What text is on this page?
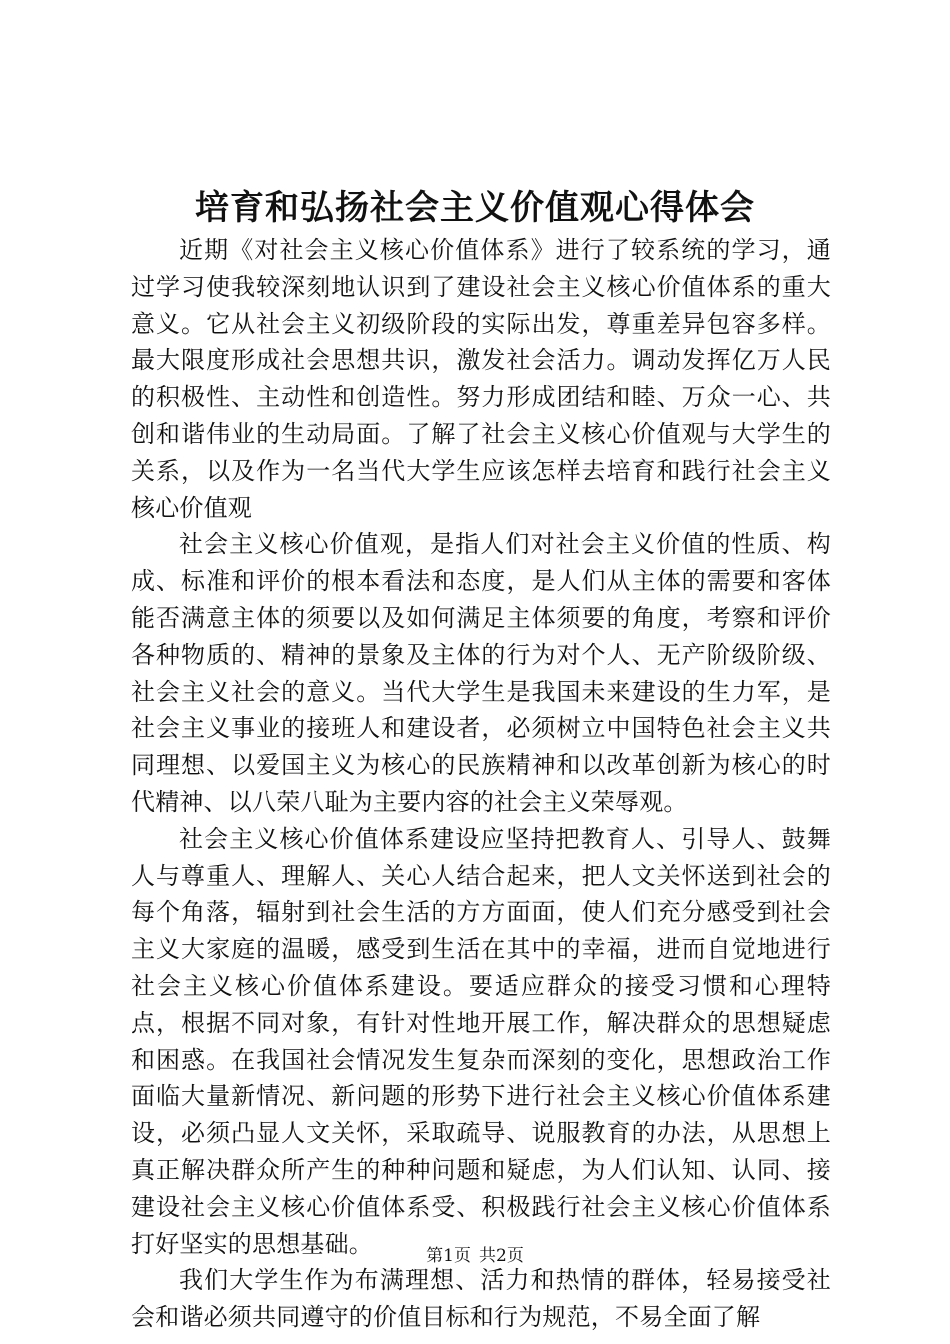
培育和弘扬社会主义价值观心得体会

近期《对社会主义核心价值体系》进行了较系统的学习，通过学习使我较深刻地认识到了建设社会主义核心价值体系的重大意义。它从社会主义初级阶段的实际出发，尊重差异包容多样。最大限度形成社会思想共识，激发社会活力。调动发挥亿万人民的积极性、主动性和创造性。努力形成团结和睦、万众一心、共创和谐伟业的生动局面。了解了社会主义核心价值观与大学生的关系，以及作为一名当代大学生应该怎样去培育和践行社会主义核心价值观

社会主义核心价值观，是指人们对社会主义价值的性质、构成、标准和评价的根本看法和态度，是人们从主体的需要和客体能否满意主体的须要以及如何满足主体须要的角度，考察和评价各种物质的、精神的景象及主体的行为对个人、无产阶级阶级、社会主义社会的意义。当代大学生是我国未来建设的生力军，是社会主义事业的接班人和建设者，必须树立中国特色社会主义共同理想、以爱国主义为核心的民族精神和以改革创新为核心的时代精神、以八荣八耻为主要内容的社会主义荣辱观。

社会主义核心价值体系建设应坚持把教育人、引导人、鼓舞人与尊重人、理解人、关心人结合起来，把人文关怀送到社会的每个角落，辐射到社会生活的方方面面，使人们充分感受到社会主义大家庭的温暖，感受到生活在其中的幸福，进而自觉地进行社会主义核心价值体系建设。要适应群众的接受习惯和心理特点，根据不同对象，有针对性地开展工作，解决群众的思想疑虑和困惑。在我国社会情况发生复杂而深刻的变化，思想政治工作面临大量新情况、新问题的形势下进行社会主义核心价值体系建设，必须凸显人文关怀，采取疏导、说服教育的办法，从思想上真正解决群众所产生的种种问题和疑虑，为人们认知、认同、接建设社会主义核心价值体系受、积极践行社会主义核心价值体系打好坚实的思想基础。

我们大学生作为布满理想、活力和热情的群体，轻易接受社会和谐必须共同遵守的价值目标和行为规范，不易全面了解

第1页 共2页
